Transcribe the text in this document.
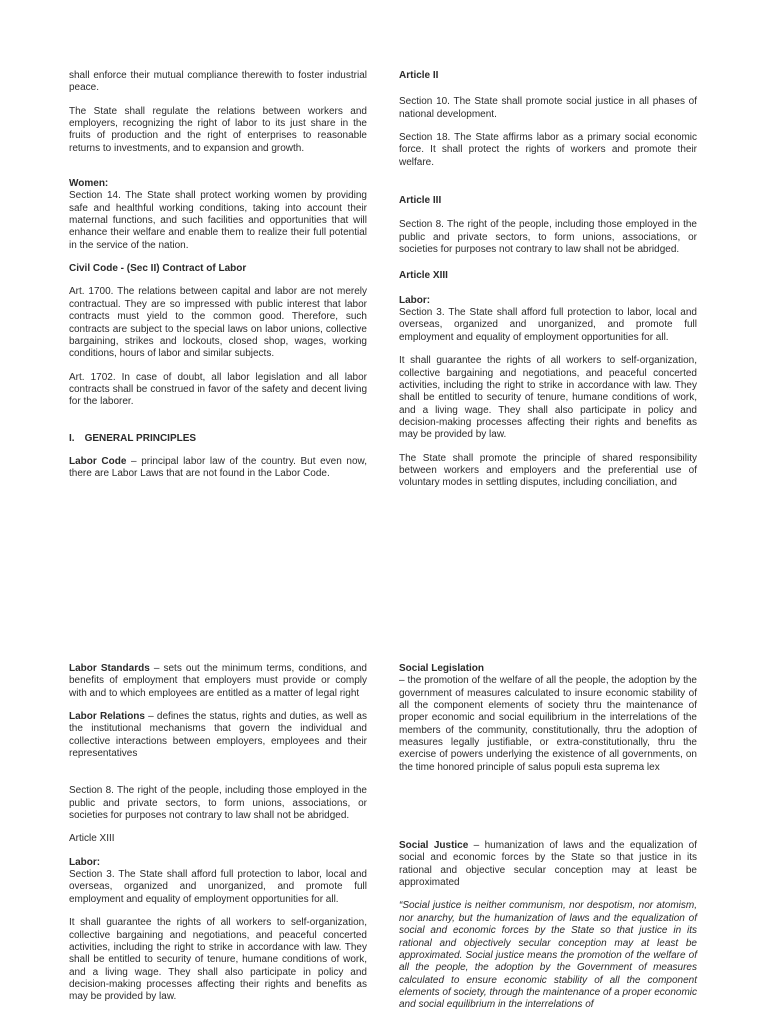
shall enforce their mutual compliance therewith to foster industrial peace.

The State shall regulate the relations between workers and employers, recognizing the right of labor to its just share in the fruits of production and the right of enterprises to reasonable returns to investments, and to expansion and growth.

Women:

Section 14. The State shall protect working women by providing safe and healthful working conditions, taking into account their maternal functions, and such facilities and opportunities that will enhance their welfare and enable them to realize their full potential in the service of the nation.

Civil Code - (Sec II) Contract of Labor

Art. 1700. The relations between capital and labor are not merely contractual. They are so impressed with public interest that labor contracts must yield to the common good. Therefore, such contracts are subject to the special laws on labor unions, collective bargaining, strikes and lockouts, closed shop, wages, working conditions, hours of labor and similar subjects.

Art. 1702. In case of doubt, all labor legislation and all labor contracts shall be construed in favor of the safety and decent living for the laborer.

I. GENERAL PRINCIPLES

Labor Code – principal labor law of the country. But even now, there are Labor Laws that are not found in the Labor Code.

Article II

Section 10. The State shall promote social justice in all phases of national development.

Section 18. The State affirms labor as a primary social economic force. It shall protect the rights of workers and promote their welfare.

Article III

Section 8. The right of the people, including those employed in the public and private sectors, to form unions, associations, or societies for purposes not contrary to law shall not be abridged.

Article XIII

Labor:

Section 3. The State shall afford full protection to labor, local and overseas, organized and unorganized, and promote full employment and equality of employment opportunities for all.

It shall guarantee the rights of all workers to self-organization, collective bargaining and negotiations, and peaceful concerted activities, including the right to strike in accordance with law. They shall be entitled to security of tenure, humane conditions of work, and a living wage. They shall also participate in policy and decision-making processes affecting their rights and benefits as may be provided by law.

The State shall promote the principle of shared responsibility between workers and employers and the preferential use of voluntary modes in settling disputes, including conciliation, and

Labor Standards – sets out the minimum terms, conditions, and benefits of employment that employers must provide or comply with and to which employees are entitled as a matter of legal right

Labor Relations – defines the status, rights and duties, as well as the institutional mechanisms that govern the individual and collective interactions between employers, employees and their representatives

Section 8. The right of the people, including those employed in the public and private sectors, to form unions, associations, or societies for purposes not contrary to law shall not be abridged.

Article XIII

Labor:

Section 3. The State shall afford full protection to labor, local and overseas, organized and unorganized, and promote full employment and equality of employment opportunities for all.

It shall guarantee the rights of all workers to self-organization, collective bargaining and negotiations, and peaceful concerted activities, including the right to strike in accordance with law. They shall be entitled to security of tenure, humane conditions of work, and a living wage. They shall also participate in policy and decision-making processes affecting their rights and benefits as may be provided by law.

Social Legislation

– the promotion of the welfare of all the people, the adoption by the government of measures calculated to insure economic stability of all the component elements of society thru the maintenance of proper economic and social equilibrium in the interrelations of the members of the community, constitutionally, thru the adoption of measures legally justifiable, or extra-constitutionally, thru the exercise of powers underlying the existence of all governments, on the time honored principle of salus populi esta suprema lex

Social Justice – humanization of laws and the equalization of social and economic forces by the State so that justice in its rational and objective secular conception may at least be approximated

“Social justice is neither communism, nor despotism, nor atomism, nor anarchy, but the humanization of laws and the equalization of social and economic forces by the State so that justice in its rational and objectively secular conception may at least be approximated. Social justice means the promotion of the welfare of all the people, the adoption by the Government of measures calculated to ensure economic stability of all the component elements of society, through the maintenance of a proper economic and social equilibrium in the interrelations of
